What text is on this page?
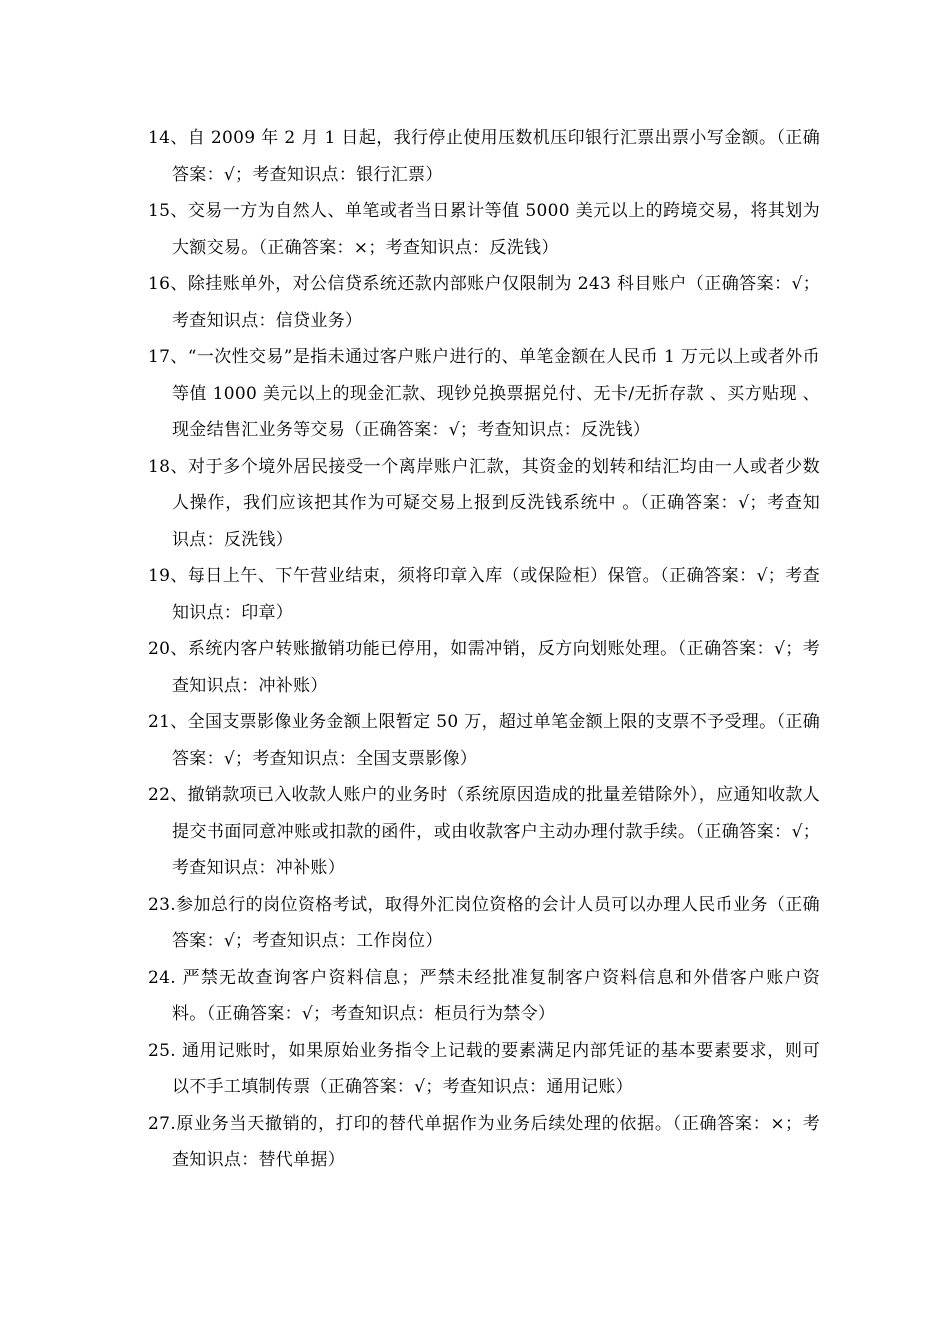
14、自 2009 年 2 月 1 日起，我行停止使用压数机压印银行汇票出票小写金额。（正确答案：√；考查知识点：银行汇票）

15、交易一方为自然人、单笔或者当日累计等值 5000 美元以上的跨境交易，将其划为大额交易。（正确答案：×；考查知识点：反洗钱）

16、除挂账单外，对公信贷系统还款内部账户仅限制为 243 科目账户（正确答案：√；考查知识点：信贷业务）

17、“一次性交易”是指未通过客户账户进行的、单笔金额在人民币 1 万元以上或者外币等值 1000 美元以上的现金汇款、现钞兑换票据兑付、无卡/无折存款 、买方贴现 、现金结售汇业务等交易（正确答案：√；考查知识点：反洗钱）

18、对于多个境外居民接受一个离岸账户汇款，其资金的划转和结汇均由一人或者少数人操作，我们应该把其作为可疑交易上报到反洗钱系统中 。（正确答案：√；考查知识点：反洗钱）

19、每日上午、下午营业结束，须将印章入库（或保险柜）保管。（正确答案：√；考查知识点：印章）

20、系统内客户转账撤销功能已停用，如需冲销，反方向划账处理。（正确答案：√；考查知识点：冲补账）

21、全国支票影像业务金额上限暂定 50 万，超过单笔金额上限的支票不予受理。（正确答案：√；考查知识点：全国支票影像）

22、撤销款项已入收款人账户的业务时（系统原因造成的批量差错除外），应通知收款人提交书面同意冲账或扣款的函件，或由收款客户主动办理付款手续。（正确答案：√；考查知识点：冲补账）

23.参加总行的岗位资格考试，取得外汇岗位资格的会计人员可以办理人民币业务（正确答案：√；考查知识点：工作岗位）

24. 严禁无故查询客户资料信息；严禁未经批准复制客户资料信息和外借客户账户资料。（正确答案：√；考查知识点：柜员行为禁令）

25. 通用记账时，如果原始业务指令上记载的要素满足内部凭证的基本要素要求，则可以不手工填制传票（正确答案：√；考查知识点：通用记账）

27.原业务当天撤销的，打印的替代单据作为业务后续处理的依据。（正确答案：×；考查知识点：替代单据）
